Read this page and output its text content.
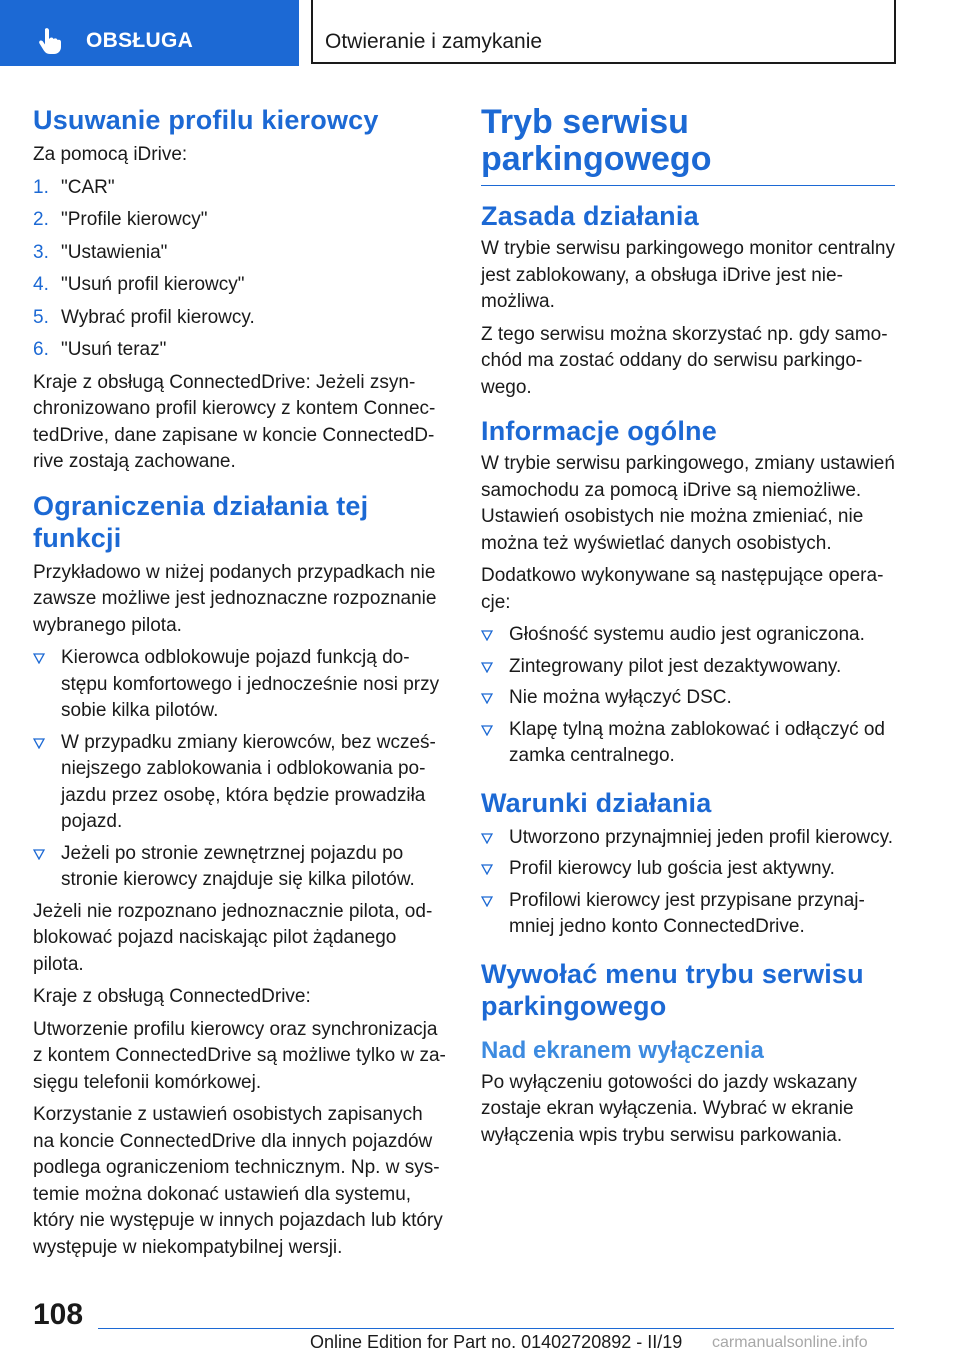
OBSŁUGA	Otwieranie i zamykanie
Usuwanie profilu kierowcy

Za pomocą iDrive:

1. "CAR"
2. "Profile kierowcy"
3. "Ustawienia"
4. "Usuń profil kierowcy"
5. Wybrać profil kierowcy.
6. "Usuń teraz"

Kraje z obsługą ConnectedDrive: Jeżeli zsynchronizowano profil kierowcy z kontem ConnectedDrive, dane zapisane w koncie ConnectedDrive zostają zachowane.

Ograniczenia działania tej funkcji

Przykładowo w niżej podanych przypadkach nie zawsze możliwe jest jednoznaczne rozpoznanie wybranego pilota.

Kierowca odblokowuje pojazd funkcją dostępu komfortowego i jednocześnie nosi przy sobie kilka pilotów.
W przypadku zmiany kierowców, bez wcześniejszego zablokowania i odblokowania pojazdu przez osobę, która będzie prowadziła pojazd.
Jeżeli po stronie zewnętrznej pojazdu po stronie kierowcy znajduje się kilka pilotów.

Jeżeli nie rozpoznano jednoznacznie pilota, odblokować pojazd naciskając pilot żądanego pilota.

Kraje z obsługą ConnectedDrive:

Utworzenie profilu kierowcy oraz synchronizacja z kontem ConnectedDrive są możliwe tylko w zasięgu telefonii komórkowej.

Korzystanie z ustawień osobistych zapisanych na koncie ConnectedDrive dla innych pojazdów podlega ograniczeniom technicznym. Np. w systemie można dokonać ustawień dla systemu, który nie występuje w innych pojazdach lub który występuje w niekompatybilnej wersji.

Tryb serwisu parkingowego
Zasada działania

W trybie serwisu parkingowego monitor centralny jest zablokowany, a obsługa iDrive jest niemożliwa.

Z tego serwisu można skorzystać np. gdy samochód ma zostać oddany do serwisu parkingowego.

Informacje ogólne

W trybie serwisu parkingowego, zmiany ustawień samochodu za pomocą iDrive są niemożliwe. Ustawień osobistych nie można zmieniać, nie można też wyświetlać danych osobistych.

Dodatkowo wykonywane są następujące operacje:

Głośność systemu audio jest ograniczona.
Zintegrowany pilot jest dezaktywowany.
Nie można wyłączyć DSC.
Klapę tylną można zablokować i odłączyć od zamka centralnego.
Warunki działania
Utworzono przynajmniej jeden profil kierowcy.
Profil kierowcy lub gościa jest aktywny.
Profilowi kierowcy jest przypisane przynajmniej jedno konto ConnectedDrive.
Wywołać menu trybu serwisu parkingowego
Nad ekranem wyłączenia

Po wyłączeniu gotowości do jazdy wskazany zostaje ekran wyłączenia. Wybrać w ekranie wyłączenia wpis trybu serwisu parkowania.

108
Online Edition for Part no. 01402720892 - II/19 carmanualsonline.info
